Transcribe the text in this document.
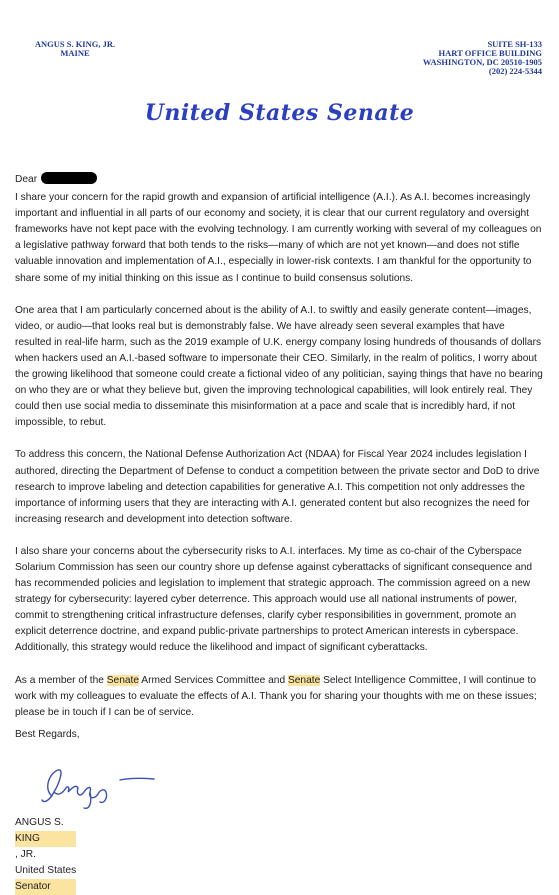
ANGUS S. KING, JR.
MAINE
SUITE SH-133
HART OFFICE BUILDING
WASHINGTON, DC 20510-1905
(202) 224-5344
United States Senate
Dear

I share your concern for the rapid growth and expansion of artificial intelligence (A.I.). As A.I. becomes increasingly important and influential in all parts of our economy and society, it is clear that our current regulatory and oversight frameworks have not kept pace with the evolving technology. I am currently working with several of my colleagues on a legislative pathway forward that both tends to the risks—many of which are not yet known—and does not stifle valuable innovation and implementation of A.I., especially in lower-risk contexts. I am thankful for the opportunity to share some of my initial thinking on this issue as I continue to build consensus solutions.

One area that I am particularly concerned about is the ability of A.I. to swiftly and easily generate content—images, video, or audio—that looks real but is demonstrably false. We have already seen several examples that have resulted in real-life harm, such as the 2019 example of U.K. energy company losing hundreds of thousands of dollars when hackers used an A.I.-based software to impersonate their CEO. Similarly, in the realm of politics, I worry about the growing likelihood that someone could create a fictional video of any politician, saying things that have no bearing on who they are or what they believe but, given the improving technological capabilities, will look entirely real. They could then use social media to disseminate this misinformation at a pace and scale that is incredibly hard, if not impossible, to rebut.

To address this concern, the National Defense Authorization Act (NDAA) for Fiscal Year 2024 includes legislation I authored, directing the Department of Defense to conduct a competition between the private sector and DoD to drive research to improve labeling and detection capabilities for generative A.I. This competition not only addresses the importance of informing users that they are interacting with A.I. generated content but also recognizes the need for increasing research and development into detection software.

I also share your concerns about the cybersecurity risks to A.I. interfaces. My time as co-chair of the Cyberspace Solarium Commission has seen our country shore up defense against cyberattacks of significant consequence and has recommended policies and legislation to implement that strategic approach. The commission agreed on a new strategy for cybersecurity: layered cyber deterrence. This approach would use all national instruments of power, commit to strengthening critical infrastructure defenses, clarify cyber responsibilities in government, promote an explicit deterrence doctrine, and expand public-private partnerships to protect American interests in cyberspace. Additionally, this strategy would reduce the likelihood and impact of significant cyberattacks.

As a member of the Senate Armed Services Committee and Senate Select Intelligence Committee, I will continue to work with my colleagues to evaluate the effects of A.I. Thank you for sharing your thoughts with me on these issues; please be in touch if I can be of service.

Best Regards,
ANGUS S.
KING
, JR.
United States
Senator
